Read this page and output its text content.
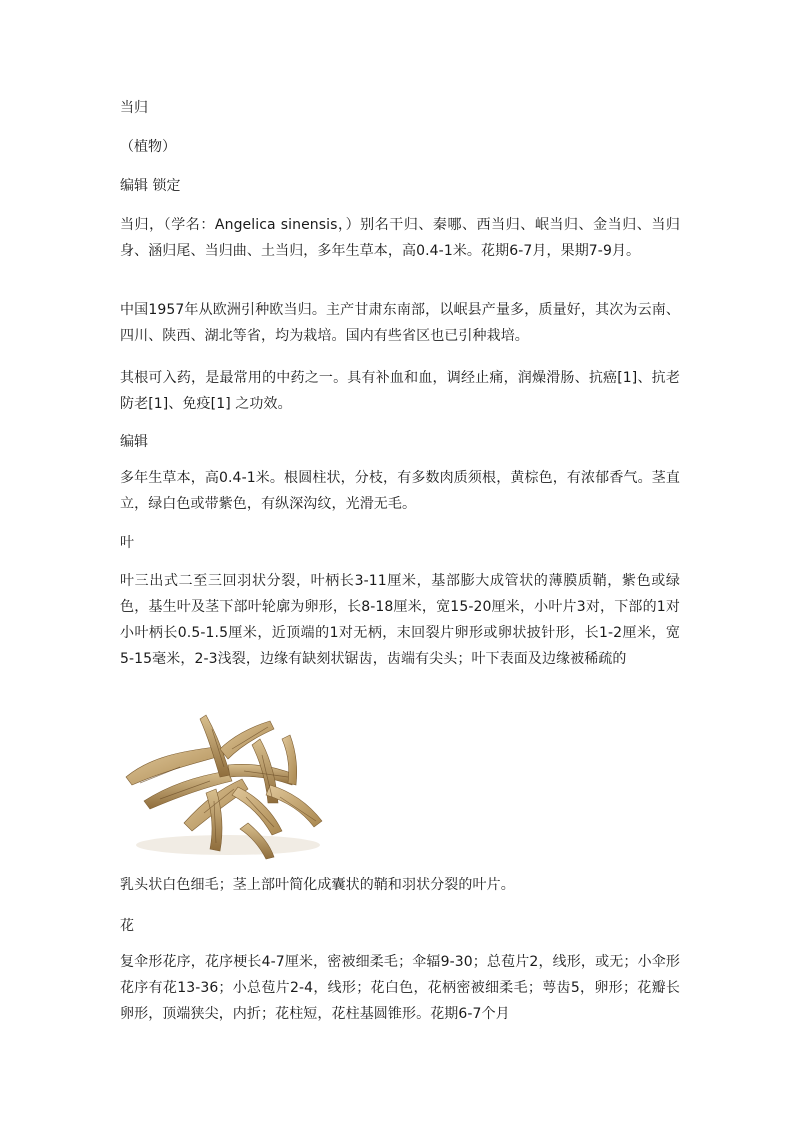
当归
（植物）
编辑 锁定

当归，（学名：Angelica sinensis，）别名干归、秦哪、西当归、岷当归、金当归、当归身、涵归尾、当归曲、土当归，多年生草本，高0.4-1米。花期6-7月，果期7-9月。

中国1957年从欧洲引种欧当归。主产甘肃东南部，以岷县产量多，质量好，其次为云南、四川、陕西、湖北等省，均为栽培。国内有些省区也已引种栽培。

其根可入药，是最常用的中药之一。具有补血和血，调经止痛，润燥滑肠、抗癌[1]、抗老防老[1]、免疫[1] 之功效。

编辑

多年生草本，高0.4-1米。根圆柱状，分枝，有多数肉质须根，黄棕色，有浓郁香气。茎直立，绿白色或带紫色，有纵深沟纹，光滑无毛。

叶

叶三出式二至三回羽状分裂，叶柄长3-11厘米，基部膨大成管状的薄膜质鞘，紫色或绿色，基生叶及茎下部叶轮廓为卵形，长8-18厘米，宽15-20厘米，小叶片3对，下部的1对小叶柄长0.5-1.5厘米，近顶端的1对无柄，末回裂片卵形或卵状披针形，长1-2厘米，宽5-15毫米，2-3浅裂，边缘有缺刻状锯齿，齿端有尖头；叶下表面及边缘被稀疏的

乳头状白色细毛；茎上部叶简化成囊状的鞘和羽状分裂的叶片。

花

复伞形花序，花序梗长4-7厘米，密被细柔毛；伞辐9-30；总苞片2，线形，或无；小伞形花序有花13-36；小总苞片2-4，线形；花白色，花柄密被细柔毛；萼齿5，卵形；花瓣长卵形，顶端狭尖，内折；花柱短，花柱基圆锥形。花期6-7个月
